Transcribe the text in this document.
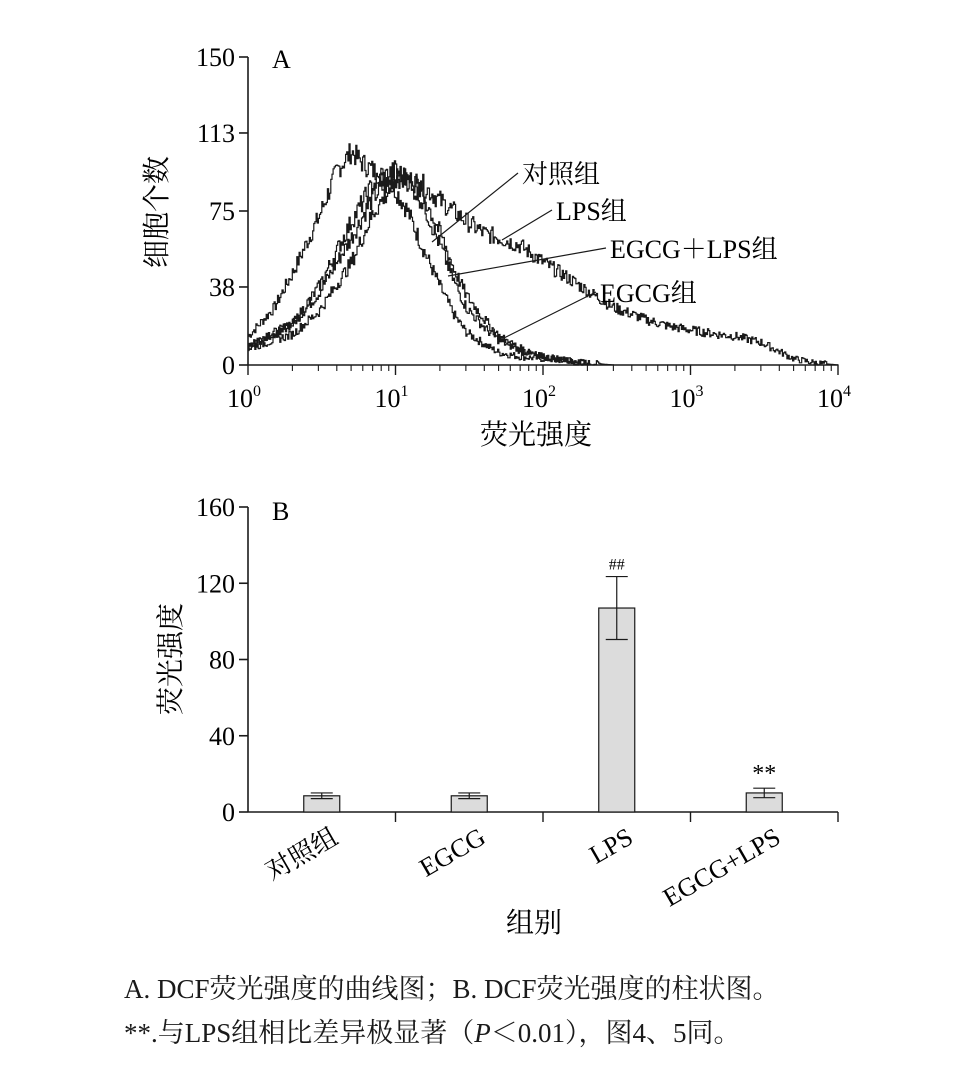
A
0
38
75
113
150
$10^0$	$10^1$	$10^2$	$10^3$	$10^4$
对照组
LPS组
EGCG＋LPS组
EGCG组
细胞个数
荧光强度
B
0
40
80
120
160
##
**
对照组	EGCG	LPS EGCG+LPS
荧光强度
组别
A. DCF荧光强度的曲线图；B. DCF荧光强度的柱状图。
**.与LPS组相比差异极显著（P＜0.01），图4、5同。
